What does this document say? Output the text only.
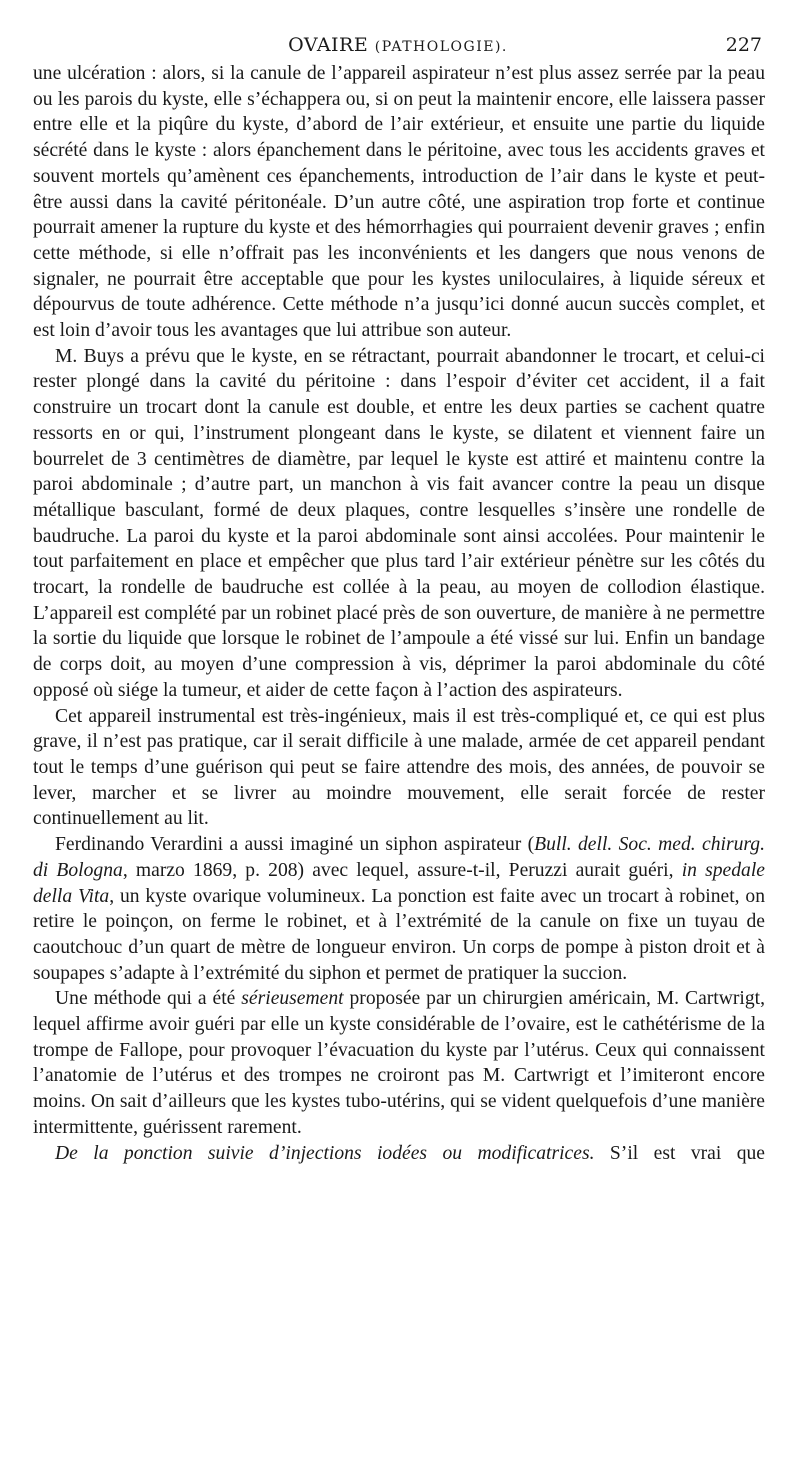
OVAIRE (PATHOLOGIE).	227

une ulcération : alors, si la canule de l’appareil aspirateur n’est plus assez serrée par la peau ou les parois du kyste, elle s’échappera ou, si on peut la maintenir encore, elle laissera passer entre elle et la piqûre du kyste, d’abord de l’air extérieur, et ensuite une partie du liquide sécrété dans le kyste : alors épanchement dans le péritoine, avec tous les accidents graves et souvent mortels qu’amènent ces épanchements, introduction de l’air dans le kyste et peut-être aussi dans la cavité péritonéale. D’un autre côté, une aspiration trop forte et continue pourrait amener la rupture du kyste et des hémorrhagies qui pourraient devenir graves ; enfin cette méthode, si elle n’offrait pas les inconvénients et les dangers que nous venons de signaler, ne pourrait être acceptable que pour les kystes uniloculaires, à liquide séreux et dépourvus de toute adhérence. Cette méthode n’a jusqu’ici donné aucun succès complet, et est loin d’avoir tous les avantages que lui attribue son auteur.

M. Buys a prévu que le kyste, en se rétractant, pourrait abandonner le trocart, et celui-ci rester plongé dans la cavité du péritoine : dans l’espoir d’éviter cet accident, il a fait construire un trocart dont la canule est double, et entre les deux parties se cachent quatre ressorts en or qui, l’instrument plongeant dans le kyste, se dilatent et viennent faire un bourrelet de 3 centimètres de diamètre, par lequel le kyste est attiré et maintenu contre la paroi abdominale ; d’autre part, un manchon à vis fait avancer contre la peau un disque métallique basculant, formé de deux plaques, contre lesquelles s’insère une rondelle de baudruche. La paroi du kyste et la paroi abdominale sont ainsi accolées. Pour maintenir le tout parfaitement en place et empêcher que plus tard l’air extérieur pénètre sur les côtés du trocart, la rondelle de baudruche est collée à la peau, au moyen de collodion élastique. L’appareil est complété par un robinet placé près de son ouverture, de manière à ne permettre la sortie du liquide que lorsque le robinet de l’ampoule a été vissé sur lui. Enfin un bandage de corps doit, au moyen d’une compression à vis, déprimer la paroi abdominale du côté opposé où siége la tumeur, et aider de cette façon à l’action des aspirateurs.

Cet appareil instrumental est très-ingénieux, mais il est très-compliqué et, ce qui est plus grave, il n’est pas pratique, car il serait difficile à une malade, armée de cet appareil pendant tout le temps d’une guérison qui peut se faire attendre des mois, des années, de pouvoir se lever, marcher et se livrer au moindre mouvement, elle serait forcée de rester continuellement au lit.

Ferdinando Verardini a aussi imaginé un siphon aspirateur (Bull. dell. Soc. med. chirurg. di Bologna, marzo 1869, p. 208) avec lequel, assure-t-il, Peruzzi aurait guéri, in spedale della Vita, un kyste ovarique volumineux. La ponction est faite avec un trocart à robinet, on retire le poinçon, on ferme le robinet, et à l’extrémité de la canule on fixe un tuyau de caoutchouc d’un quart de mètre de longueur environ. Un corps de pompe à piston droit et à soupapes s’adapte à l’extrémité du siphon et permet de pratiquer la succion.

Une méthode qui a été sérieusement proposée par un chirurgien américain, M. Cartwrigt, lequel affirme avoir guéri par elle un kyste considérable de l’ovaire, est le cathétérisme de la trompe de Fallope, pour provoquer l’évacuation du kyste par l’utérus. Ceux qui connaissent l’anatomie de l’utérus et des trompes ne croiront pas M. Cartwrigt et l’imiteront encore moins. On sait d’ailleurs que les kystes tubo-utérins, qui se vident quelquefois d’une manière intermittente, guérissent rarement.

De la ponction suivie d’injections iodées ou modificatrices. S’il est vrai que
